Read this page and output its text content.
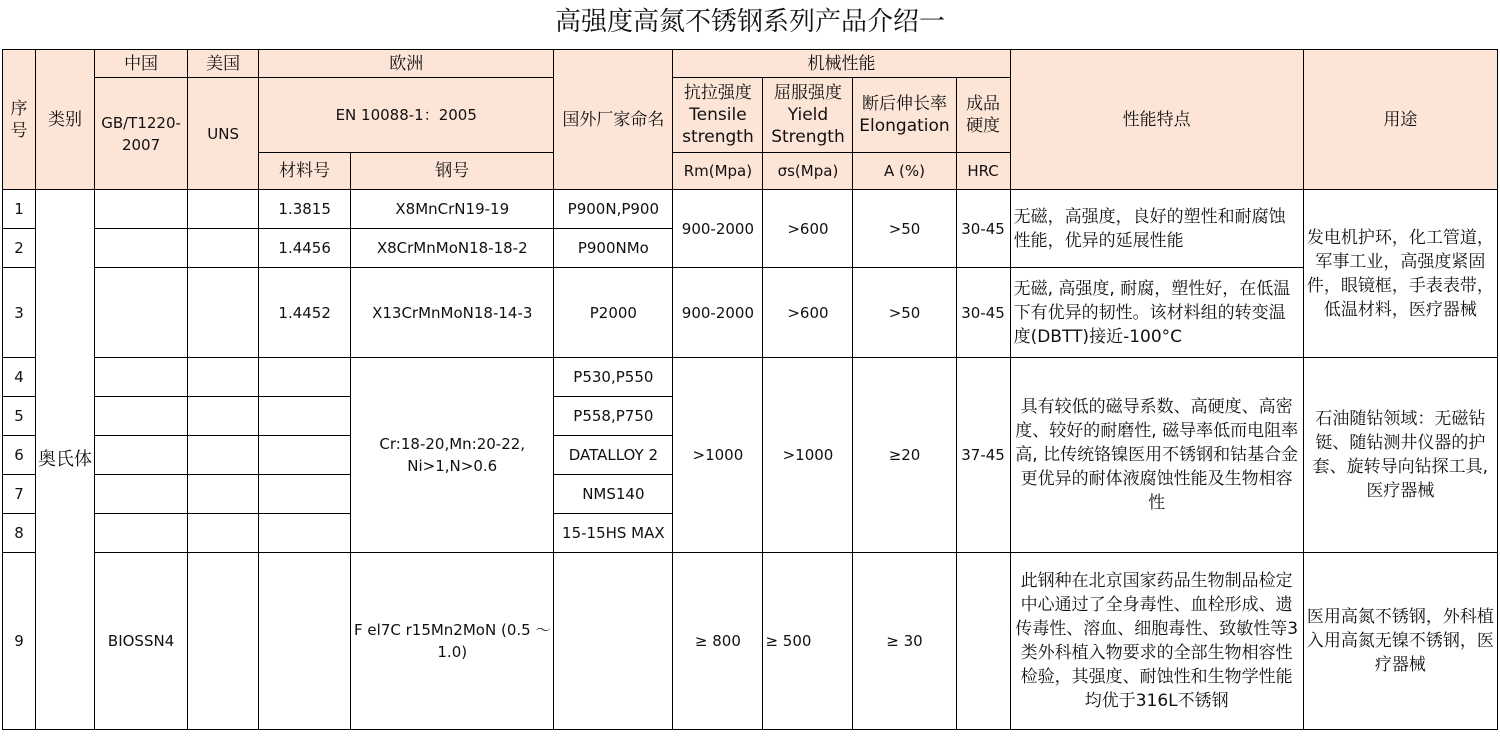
高强度高氮不锈钢系列产品介绍一
序号	类别	中国	美国	欧洲		国外厂家命名	机械性能				性能特点	用途
		GB/T1220-2007	UNS	EN 10088-1：2005			抗拉强度 Tensile strength	屈服强度 Yield Strength	断后伸长率 Elongation	成品硬度		
				材料号	钢号		Rm(Mpa)	σs(Mpa)	A (%)	HRC		
1	奥氏体			1.3815	X8MnCrN19-19	P900N,P900	900-2000	>600	>50	30-45	无磁，高强度，良好的塑性和耐腐蚀性能，优异的延展性能	发电机护环，化工管道，军事工业，高强度紧固件，眼镜框，手表表带，低温材料，医疗器械
2				1.4456	X8CrMnMoN18-18-2	P900NMo						
3				1.4452	X13CrMnMoN18-14-3	P2000	900-2000	>600	>50	30-45	无磁, 高强度, 耐腐，塑性好，在低温下有优异的韧性。该材料组的转变温度(DBTT)接近-100°C	
4					Cr:18-20,Mn:20-22, Ni>1,N>0.6	P530,P550	>1000	>1000	≥20	37-45	具有较低的磁导系数、高硬度、高密度、较好的耐磨性, 磁导率低而电阻率高, 比传统铬镍医用不锈钢和钴基合金更优异的耐体液腐蚀性能及生物相容性	石油随钻领域：无磁钻铤、随钻测井仪器的护套、旋转导向钻探工具, 医疗器械
5						P558,P750						
6						DATALLOY 2						
7						NMS140						
8						15-15HS MAX						
9		BIOSSN4			F el7C r15Mn2MoN (0.5 ～1.0)		≥ 800	≥ 500	≥ 30		此钢种在北京国家药品生物制品检定中心通过了全身毒性、血栓形成、遗传毒性、溶血、细胞毒性、致敏性等3类外科植入物要求的全部生物相容性检验，其强度、耐蚀性和生物学性能均优于316L不锈钢	医用高氮不锈钢，外科植入用高氮无镍不锈钢，医疗器械
